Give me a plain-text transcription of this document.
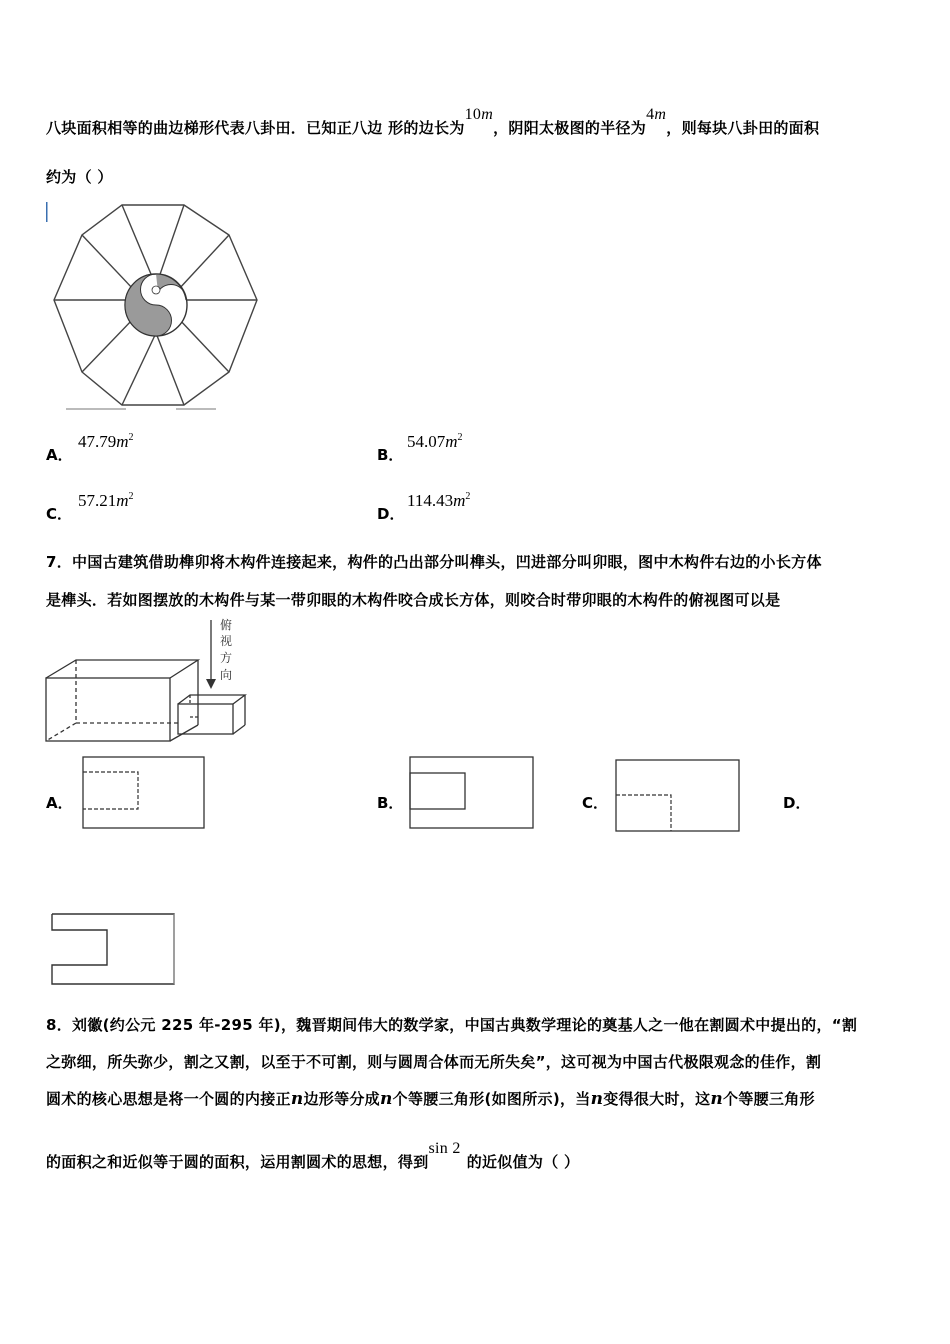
八块面积相等的曲边梯形代表八卦田．已知正八边 形的边长为10m，阴阳太极图的半径为4m，则每块八卦田的面积
约为（ ）
A．
$47.79m^2$
B．
$54.07m^2$
C．
$57.21m^2$
D．
$114.43m^2$
7．中国古建筑借助榫卯将木构件连接起来，构件的凸出部分叫榫头，凹进部分叫卯眼，图中木构件右边的小长方体
是榫头．若如图摆放的木构件与某一带卯眼的木构件咬合成长方体，则咬合时带卯眼的木构件的俯视图可以是
俯
视
方
向
A．	B．	C．	D．
8．刘徽(约公元 225 年-295 年)，魏晋期间伟大的数学家，中国古典数学理论的奠基人之一他在割圆术中提出的，“割
之弥细，所失弥少，割之又割，以至于不可割，则与圆周合体而无所失矣”，这可视为中国古代极限观念的佳作，割
圆术的核心思想是将一个圆的内接正n边形等分成n个等腰三角形(如图所示)，当n变得很大时，这n个等腰三角形
的面积之和近似等于圆的面积，运用割圆术的思想，得到sin 2的近似值为（ ）
